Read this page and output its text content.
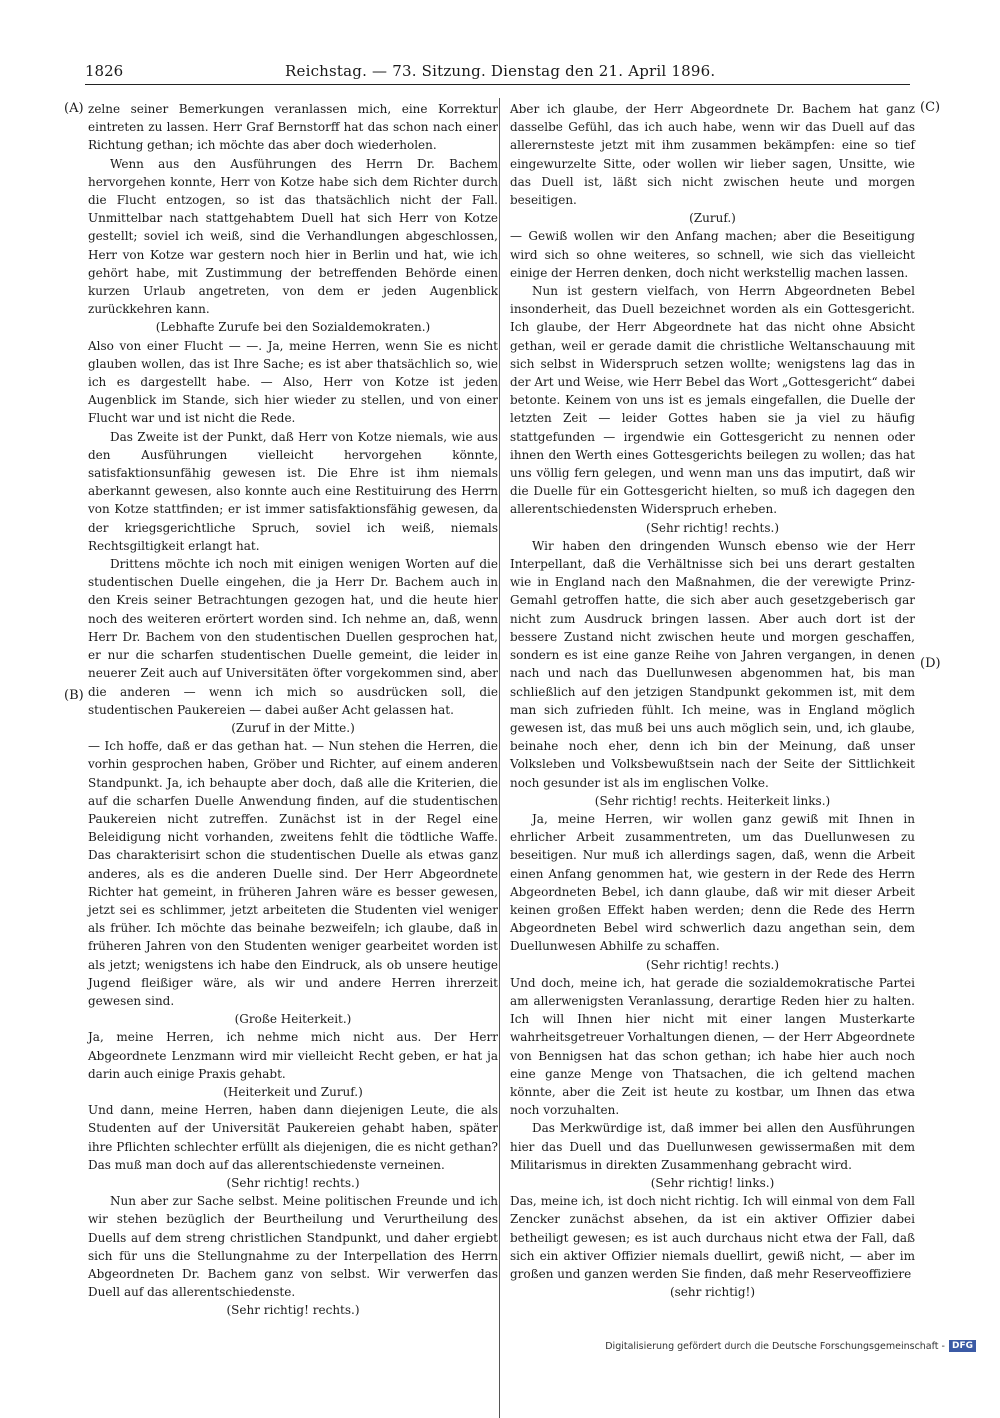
1826	Reichstag. — 73. Sitzung. Dienstag den 21. April 1896.
(A)
(B)
(C)
(D)

zelne seiner Bemerkungen veranlassen mich, eine Korrektur eintreten zu lassen. Herr Graf Bernstorff hat das schon nach einer Richtung gethan; ich möchte das aber doch wiederholen.

Wenn aus den Ausführungen des Herrn Dr. Bachem hervorgehen konnte, Herr von Kotze habe sich dem Richter durch die Flucht entzogen, so ist das thatsächlich nicht der Fall. Unmittelbar nach stattgehabtem Duell hat sich Herr von Kotze gestellt; soviel ich weiß, sind die Verhandlungen abgeschlossen, Herr von Kotze war gestern noch hier in Berlin und hat, wie ich gehört habe, mit Zustimmung der betreffenden Behörde einen kurzen Urlaub angetreten, von dem er jeden Augenblick zurückkehren kann.

(Lebhafte Zurufe bei den Sozialdemokraten.)

Also von einer Flucht — —. Ja, meine Herren, wenn Sie es nicht glauben wollen, das ist Ihre Sache; es ist aber thatsächlich so, wie ich es dargestellt habe. — Also, Herr von Kotze ist jeden Augenblick im Stande, sich hier wieder zu stellen, und von einer Flucht war und ist nicht die Rede.

Das Zweite ist der Punkt, daß Herr von Kotze niemals, wie aus den Ausführungen vielleicht hervorgehen könnte, satisfaktionsunfähig gewesen ist. Die Ehre ist ihm niemals aberkannt gewesen, also konnte auch eine Restituirung des Herrn von Kotze stattfinden; er ist immer satisfaktionsfähig gewesen, da der kriegsgerichtliche Spruch, soviel ich weiß, niemals Rechtsgiltigkeit erlangt hat.

Drittens möchte ich noch mit einigen wenigen Worten auf die studentischen Duelle eingehen, die ja Herr Dr. Bachem auch in den Kreis seiner Betrachtungen gezogen hat, und die heute hier noch des weiteren erörtert worden sind. Ich nehme an, daß, wenn Herr Dr. Bachem von den studentischen Duellen gesprochen hat, er nur die scharfen studentischen Duelle gemeint, die leider in neuerer Zeit auch auf Universitäten öfter vorgekommen sind, aber die anderen — wenn ich mich so ausdrücken soll, die studentischen Paukereien — dabei außer Acht gelassen hat.

(Zuruf in der Mitte.)

— Ich hoffe, daß er das gethan hat. — Nun stehen die Herren, die vorhin gesprochen haben, Gröber und Richter, auf einem anderen Standpunkt. Ja, ich behaupte aber doch, daß alle die Kriterien, die auf die scharfen Duelle Anwendung finden, auf die studentischen Paukereien nicht zutreffen. Zunächst ist in der Regel eine Beleidigung nicht vorhanden, zweitens fehlt die tödtliche Waffe. Das charakterisirt schon die studentischen Duelle als etwas ganz anderes, als es die anderen Duelle sind. Der Herr Abgeordnete Richter hat gemeint, in früheren Jahren wäre es besser gewesen, jetzt sei es schlimmer, jetzt arbeiteten die Studenten viel weniger als früher. Ich möchte das beinahe bezweifeln; ich glaube, daß in früheren Jahren von den Studenten weniger gearbeitet worden ist als jetzt; wenigstens ich habe den Eindruck, als ob unsere heutige Jugend fleißiger wäre, als wir und andere Herren ihrerzeit gewesen sind.

(Große Heiterkeit.)

Ja, meine Herren, ich nehme mich nicht aus. Der Herr Abgeordnete Lenzmann wird mir vielleicht Recht geben, er hat ja darin auch einige Praxis gehabt.

(Heiterkeit und Zuruf.)

Und dann, meine Herren, haben dann diejenigen Leute, die als Studenten auf der Universität Paukereien gehabt haben, später ihre Pflichten schlechter erfüllt als diejenigen, die es nicht gethan? Das muß man doch auf das allerentschiedenste verneinen.

(Sehr richtig! rechts.)

Nun aber zur Sache selbst. Meine politischen Freunde und ich wir stehen bezüglich der Beurtheilung und Verurtheilung des Duells auf dem streng christlichen Standpunkt, und daher ergiebt sich für uns die Stellungnahme zu der Interpellation des Herrn Abgeordneten Dr. Bachem ganz von selbst. Wir verwerfen das Duell auf das allerentschiedenste.

(Sehr richtig! rechts.)

Aber ich glaube, der Herr Abgeordnete Dr. Bachem hat ganz dasselbe Gefühl, das ich auch habe, wenn wir das Duell auf das allerernsteste jetzt mit ihm zusammen bekämpfen: eine so tief eingewurzelte Sitte, oder wollen wir lieber sagen, Unsitte, wie das Duell ist, läßt sich nicht zwischen heute und morgen beseitigen.

(Zuruf.)

— Gewiß wollen wir den Anfang machen; aber die Beseitigung wird sich so ohne weiteres, so schnell, wie sich das vielleicht einige der Herren denken, doch nicht werkstellig machen lassen.

Nun ist gestern vielfach, von Herrn Abgeordneten Bebel insonderheit, das Duell bezeichnet worden als ein Gottesgericht. Ich glaube, der Herr Abgeordnete hat das nicht ohne Absicht gethan, weil er gerade damit die christliche Weltanschauung mit sich selbst in Widerspruch setzen wollte; wenigstens lag das in der Art und Weise, wie Herr Bebel das Wort „Gottesgericht“ dabei betonte. Keinem von uns ist es jemals eingefallen, die Duelle der letzten Zeit — leider Gottes haben sie ja viel zu häufig stattgefunden — irgendwie ein Gottesgericht zu nennen oder ihnen den Werth eines Gottesgerichts beilegen zu wollen; das hat uns völlig fern gelegen, und wenn man uns das imputirt, daß wir die Duelle für ein Gottesgericht hielten, so muß ich dagegen den allerentschiedensten Widerspruch erheben.

(Sehr richtig! rechts.)

Wir haben den dringenden Wunsch ebenso wie der Herr Interpellant, daß die Verhältnisse sich bei uns derart gestalten wie in England nach den Maßnahmen, die der verewigte Prinz-Gemahl getroffen hatte, die sich aber auch gesetzgeberisch gar nicht zum Ausdruck bringen lassen. Aber auch dort ist der bessere Zustand nicht zwischen heute und morgen geschaffen, sondern es ist eine ganze Reihe von Jahren vergangen, in denen nach und nach das Duellunwesen abgenommen hat, bis man schließlich auf den jetzigen Standpunkt gekommen ist, mit dem man sich zufrieden fühlt. Ich meine, was in England möglich gewesen ist, das muß bei uns auch möglich sein, und, ich glaube, beinahe noch eher, denn ich bin der Meinung, daß unser Volksleben und Volksbewußtsein nach der Seite der Sittlichkeit noch gesunder ist als im englischen Volke.

(Sehr richtig! rechts. Heiterkeit links.)

Ja, meine Herren, wir wollen ganz gewiß mit Ihnen in ehrlicher Arbeit zusammentreten, um das Duellunwesen zu beseitigen. Nur muß ich allerdings sagen, daß, wenn die Arbeit einen Anfang genommen hat, wie gestern in der Rede des Herrn Abgeordneten Bebel, ich dann glaube, daß wir mit dieser Arbeit keinen großen Effekt haben werden; denn die Rede des Herrn Abgeordneten Bebel wird schwerlich dazu angethan sein, dem Duellunwesen Abhilfe zu schaffen.

(Sehr richtig! rechts.)

Und doch, meine ich, hat gerade die sozialdemokratische Partei am allerwenigsten Veranlassung, derartige Reden hier zu halten. Ich will Ihnen hier nicht mit einer langen Musterkarte wahrheitsgetreuer Vorhaltungen dienen, — der Herr Abgeordnete von Bennigsen hat das schon gethan; ich habe hier auch noch eine ganze Menge von Thatsachen, die ich geltend machen könnte, aber die Zeit ist heute zu kostbar, um Ihnen das etwa noch vorzuhalten.

Das Merkwürdige ist, daß immer bei allen den Ausführungen hier das Duell und das Duellunwesen gewissermaßen mit dem Militarismus in direkten Zusammenhang gebracht wird.

(Sehr richtig! links.)

Das, meine ich, ist doch nicht richtig. Ich will einmal von dem Fall Zencker zunächst absehen, da ist ein aktiver Offizier dabei betheiligt gewesen; es ist auch durchaus nicht etwa der Fall, daß sich ein aktiver Offizier niemals duellirt, gewiß nicht, — aber im großen und ganzen werden Sie finden, daß mehr Reserveoffiziere

(sehr richtig!)

Digitalisierung gefördert durch die Deutsche Forschungsgemeinschaft - DFG
